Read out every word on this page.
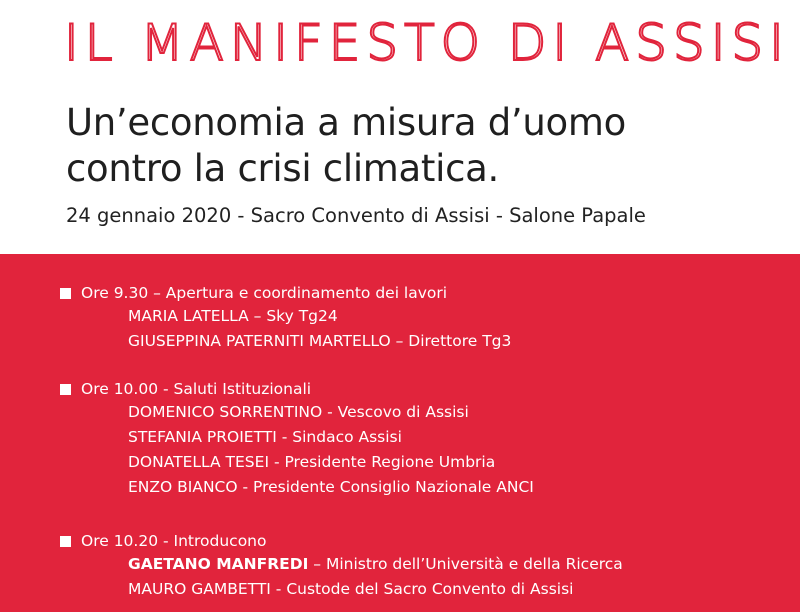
IL MANIFESTO DI ASSISI
Un’economia a misura d’uomo
contro la crisi climatica.
24 gennaio 2020 - Sacro Convento di Assisi - Salone Papale
Ore 9.30 – Apertura e coordinamento dei lavori
MARIA LATELLA – Sky Tg24
GIUSEPPINA PATERNITI MARTELLO – Direttore Tg3
Ore 10.00 - Saluti Istituzionali
DOMENICO SORRENTINO - Vescovo di Assisi
STEFANIA PROIETTI - Sindaco Assisi
DONATELLA TESEI - Presidente Regione Umbria
ENZO BIANCO - Presidente Consiglio Nazionale ANCI
Ore 10.20 - Introducono
GAETANO MANFREDI – Ministro dell’Università e della Ricerca
MAURO GAMBETTI - Custode del Sacro Convento di Assisi
